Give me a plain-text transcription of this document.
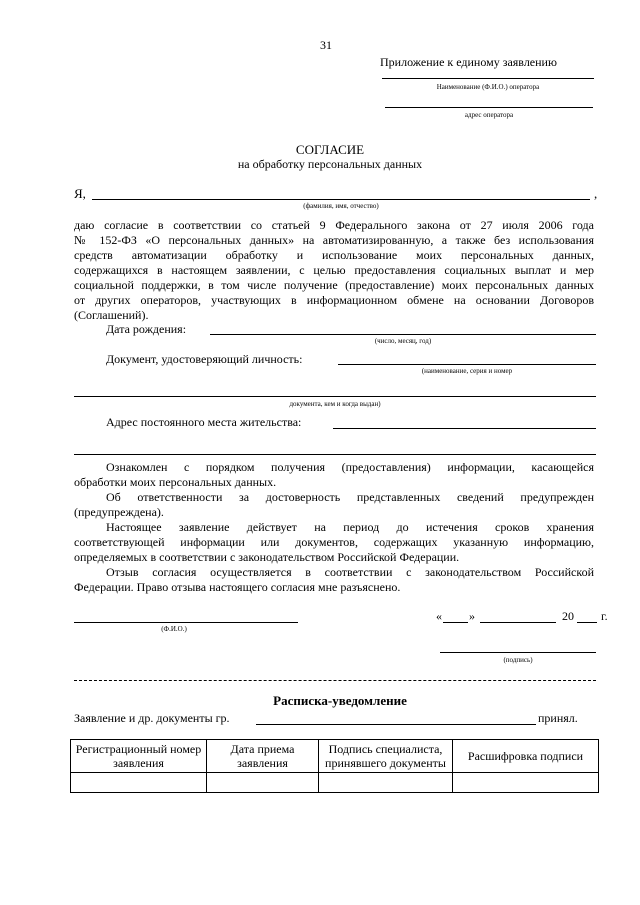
31
Приложение к единому заявлению
Наименование (Ф.И.О.) оператора
адрес оператора
СОГЛАСИЕ
на обработку персональных данных
Я,	,
(фамилия, имя, отчество)
даю согласие в соответствии со статьей 9 Федерального закона от 27 июля 2006 года
№ 152-ФЗ «О персональных данных» на автоматизированную, а также без использования
средств автоматизации обработку и использование моих персональных данных,
содержащихся в настоящем заявлении, с целью предоставления социальных выплат и мер
социальной поддержки, в том числе получение (предоставление) моих персональных данных
от других операторов, участвующих в информационном обмене на основании Договоров
(Соглашений).
Дата рождения:
(число, месяц, год)
Документ, удостоверяющий личность:
(наименование, серия и номер
документа, кем и когда выдан)
Адрес постоянного места жительства:
Ознакомлен с порядком получения (предоставления) информации, касающейся
обработки моих персональных данных.
Об ответственности за достоверность представленных сведений предупрежден
(предупреждена).
Настоящее заявление действует на период до истечения сроков хранения
соответствующей информации или документов, содержащих указанную информацию,
определяемых в соответствии с законодательством Российской Федерации.
Отзыв согласия осуществляется в соответствии с законодательством Российской
Федерации. Право отзыва настоящего согласия мне разъяснено.
(Ф.И.О.)
« »	20 г.
(подпись)
Расписка-уведомление
Заявление и др. документы гр.	принял.
Регистрационный номер заявления	Дата приема заявления	Подпись специалиста, принявшего документы	Расшифровка подписи
